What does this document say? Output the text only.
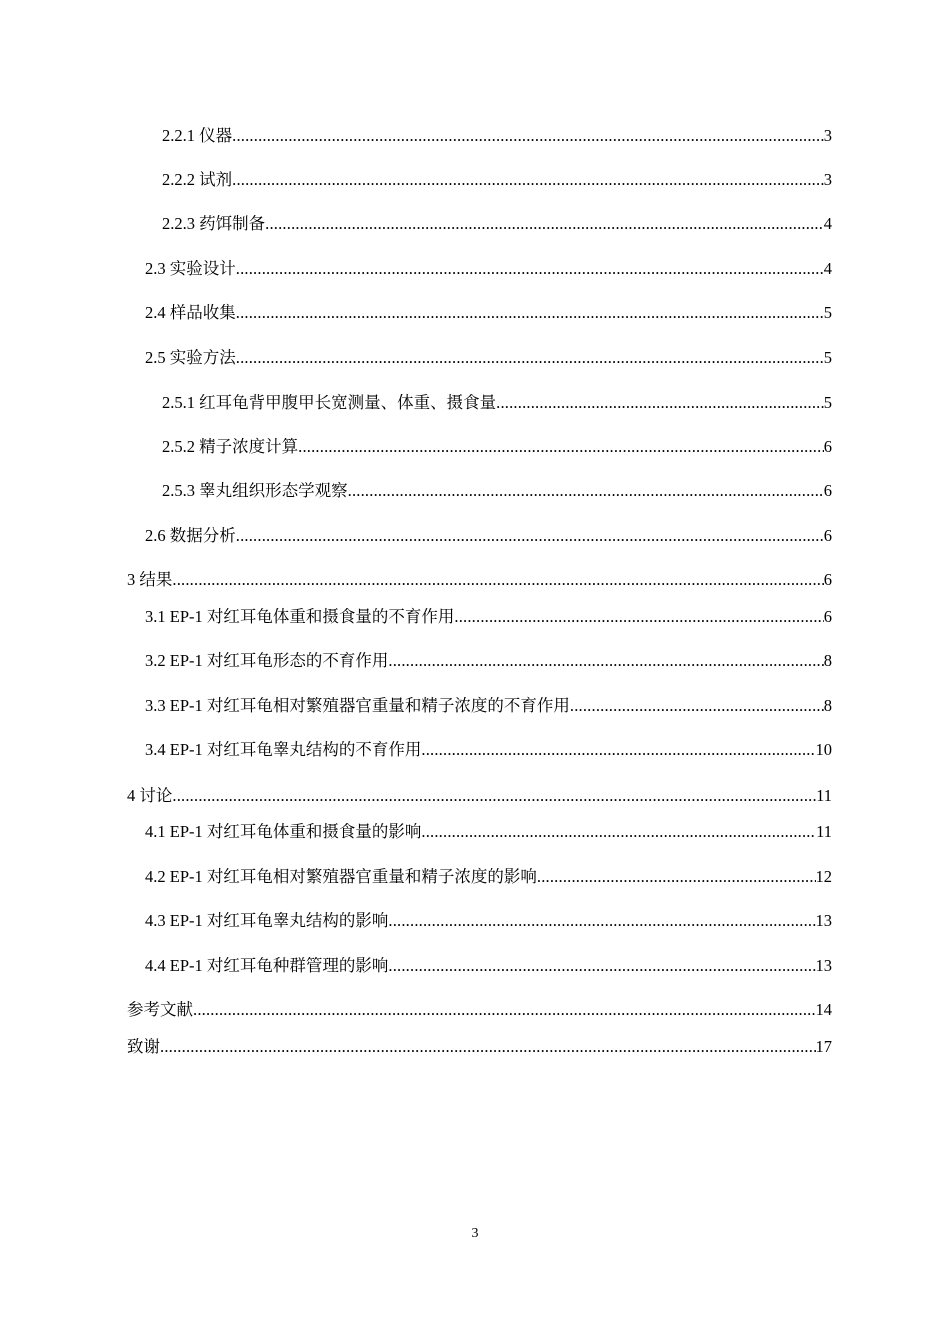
2.2.1 仪器 .....	3
2.2.2 试剂 .....	3
2.2.3 药饵制备 .....	4
2.3 实验设计 .....	4
2.4 样品收集 .....	5
2.5 实验方法 .....	5
2.5.1 红耳龟背甲腹甲长宽测量、体重、摄食量 .....	5
2.5.2 精子浓度计算 .....	6
2.5.3 睾丸组织形态学观察 .....	6
2.6 数据分析 .....	6
3 结果 .....	6
3.1 EP-1 对红耳龟体重和摄食量的不育作用 .....	6
3.2 EP-1 对红耳龟形态的不育作用 .....	8
3.3 EP-1 对红耳龟相对繁殖器官重量和精子浓度的不育作用 .....	8
3.4 EP-1 对红耳龟睾丸结构的不育作用 .....	10
4 讨论 .....	11
4.1 EP-1 对红耳龟体重和摄食量的影响 .....	11
4.2 EP-1 对红耳龟相对繁殖器官重量和精子浓度的影响 .....	12
4.3 EP-1 对红耳龟睾丸结构的影响 .....	13
4.4 EP-1 对红耳龟种群管理的影响 .....	13
参考文献 .....	14
致谢 .....	17
3
